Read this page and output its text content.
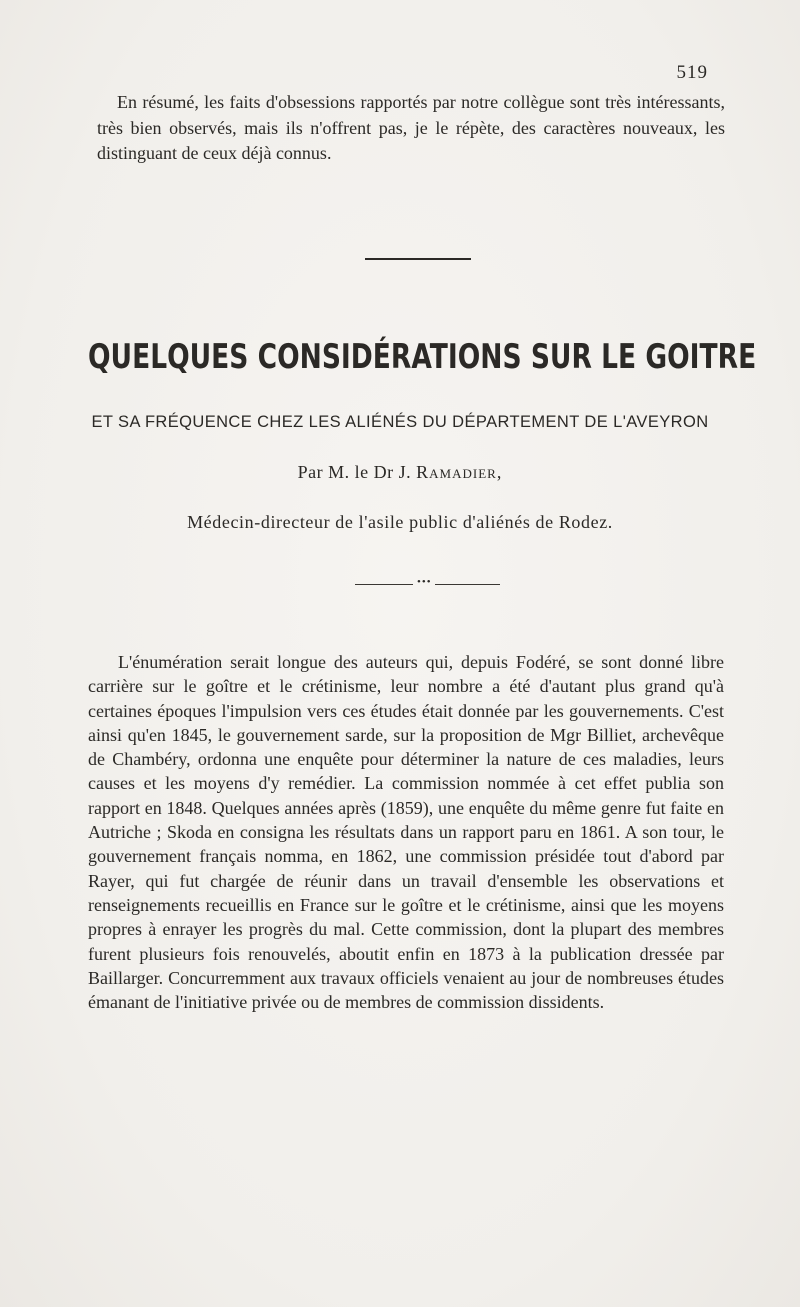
519

En résumé, les faits d'obsessions rapportés par notre collègue sont très intéressants, très bien observés, mais ils n'offrent pas, je le répète, des caractères nouveaux, les distinguant de ceux déjà connus.

QUELQUES CONSIDÉRATIONS SUR LE GOITRE
ET SA FRÉQUENCE CHEZ LES ALIÉNÉS DU DÉPARTEMENT DE L'AVEYRON
Par M. le Dr J. Ramadier,
Médecin-directeur de l'asile public d'aliénés de Rodez.
•••

L'énumération serait longue des auteurs qui, depuis Fodéré, se sont donné libre carrière sur le goître et le crétinisme, leur nombre a été d'autant plus grand qu'à certaines époques l'impulsion vers ces études était donnée par les gouvernements. C'est ainsi qu'en 1845, le gouvernement sarde, sur la proposition de Mgr Billiet, archevêque de Chambéry, ordonna une enquête pour déterminer la nature de ces maladies, leurs causes et les moyens d'y remédier. La commission nommée à cet effet publia son rapport en 1848. Quelques années après (1859), une enquête du même genre fut faite en Autriche ; Skoda en consigna les résultats dans un rapport paru en 1861. A son tour, le gouvernement français nomma, en 1862, une commission présidée tout d'abord par Rayer, qui fut chargée de réunir dans un travail d'ensemble les observations et renseignements recueillis en France sur le goître et le crétinisme, ainsi que les moyens propres à enrayer les progrès du mal. Cette commission, dont la plupart des membres furent plusieurs fois renouvelés, aboutit enfin en 1873 à la publication dressée par Baillarger. Concurremment aux travaux officiels venaient au jour de nombreuses études émanant de l'initiative privée ou de membres de commission dissidents.
